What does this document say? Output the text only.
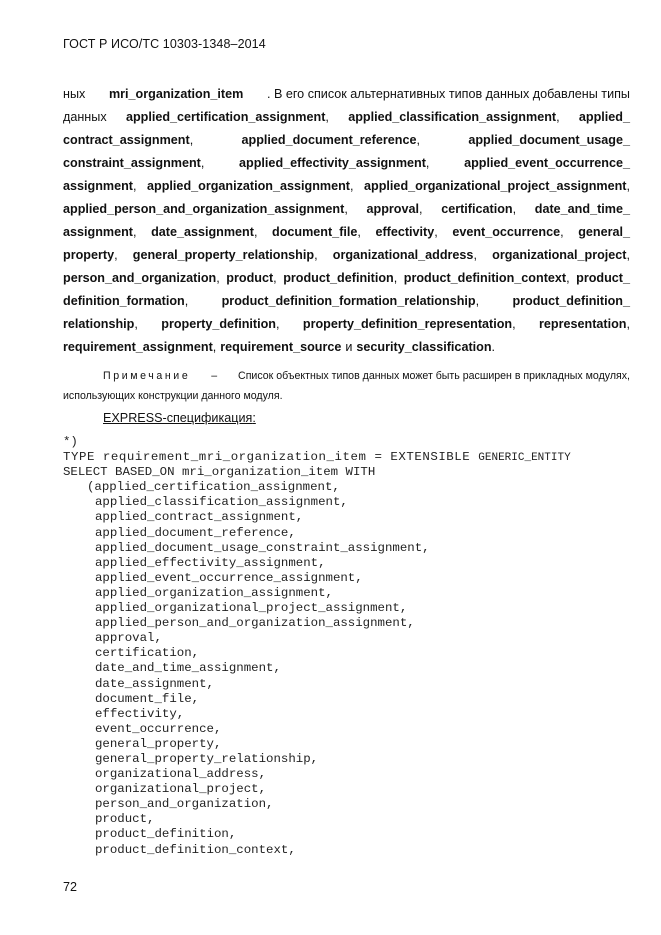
ГОСТ Р ИСО/ТС 10303-1348–2014
ных mri_organization_item . В его список альтернативных типов данных добавлены типы
данных applied_certification_assignment, applied_classification_assignment, applied_
contract_assignment,	applied_document_reference,	applied_document_usage_
constraint_assignment,	applied_effectivity_assignment,	applied_event_occurrence_
assignment, applied_organization_assignment, applied_organizational_project_assignment,
applied_person_and_organization_assignment, approval, certification, date_and_time_
assignment, date_assignment, document_file, effectivity, event_occurrence, general_
property, general_property_relationship, organizational_address, organizational_project,
person_and_organization, product, product_definition, product_definition_context, product_
definition_formation,	product_definition_formation_relationship,	product_definition_
relationship, property_definition, property_definition_representation, representation,
requirement_assignment, requirement_source и security_classification.
Примечание – Список объектных типов данных может быть расширен в прикладных модулях,
использующих конструкции данного модуля.
EXPRESS-спецификация:
*)
TYPE requirement_mri_organization_item = EXTENSIBLE GENERIC_ENTITY
SELECT BASED_ON mri_organization_item WITH
(applied_certification_assignment,
applied_classification_assignment,
applied_contract_assignment,
applied_document_reference,
applied_document_usage_constraint_assignment,
applied_effectivity_assignment,
applied_event_occurrence_assignment,
applied_organization_assignment,
applied_organizational_project_assignment,
applied_person_and_organization_assignment,
approval,
certification,
date_and_time_assignment,
date_assignment,
document_file,
effectivity,
event_occurrence,
general_property,
general_property_relationship,
organizational_address,
organizational_project,
person_and_organization,
product,
product_definition,
product_definition_context,
72
